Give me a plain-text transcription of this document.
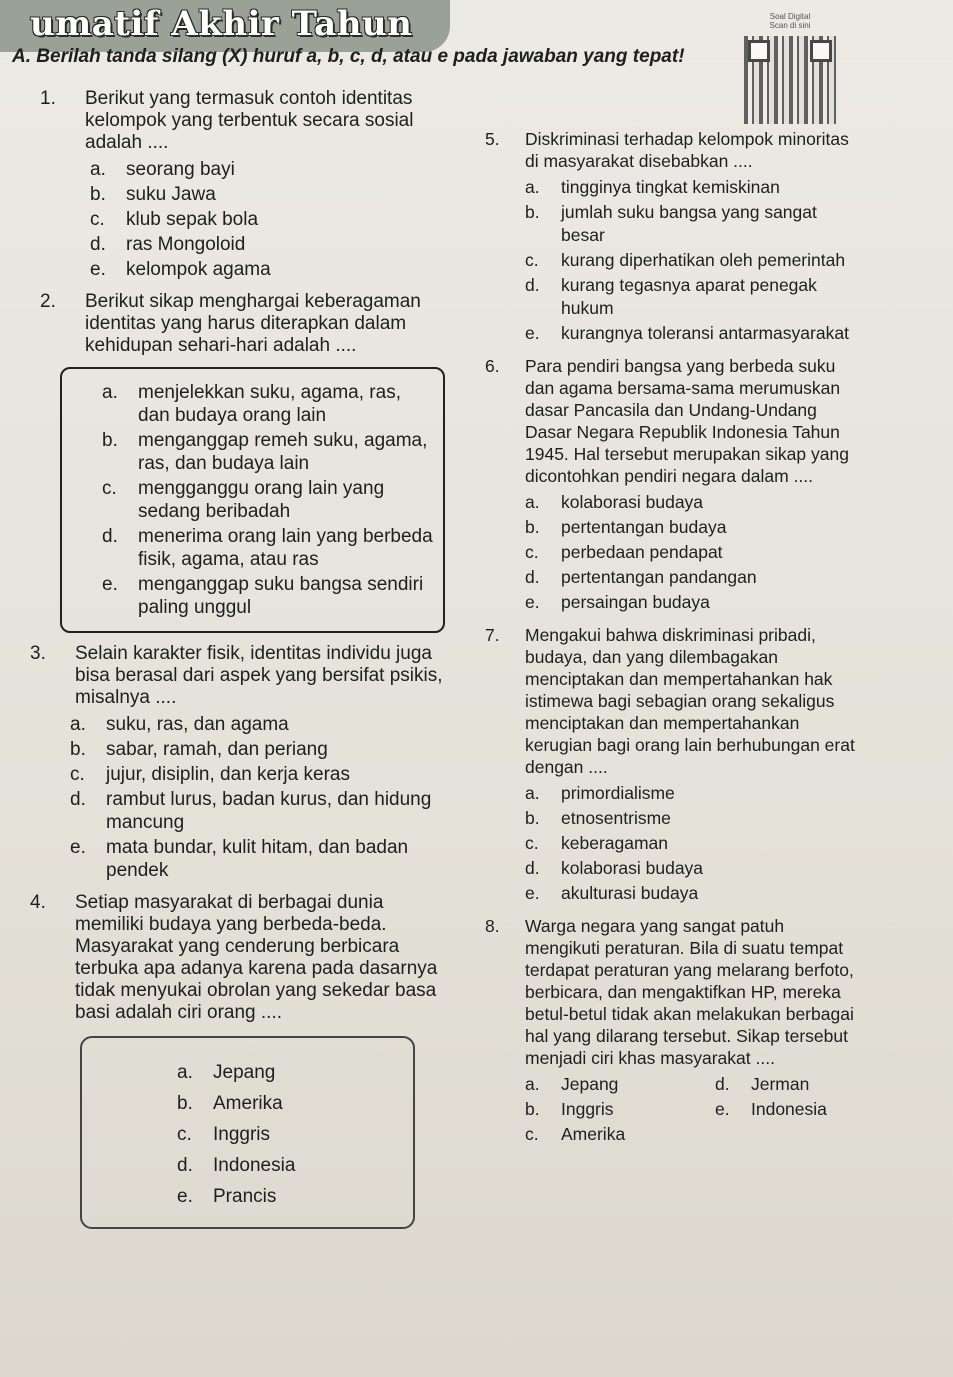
umatif Akhir Tahun	Soal Digital
Scan di sini
A. Berilah tanda silang (X) huruf a, b, c, d, atau e pada jawaban yang tepat!
1.	Berikut yang termasuk contoh identitas kelompok yang terbentuk secara sosial adalah ....
a. seorang bayi
b. suku Jawa
c. klub sepak bola
d. ras Mongoloid
e. kelompok agama
2.	Berikut sikap menghargai keberagaman identitas yang harus diterapkan dalam kehidupan sehari-hari adalah ....
a. menjelekkan suku, agama, ras, dan budaya orang lain
b. menganggap remeh suku, agama, ras, dan budaya lain
c. mengganggu orang lain yang sedang beribadah
d. menerima orang lain yang berbeda fisik, agama, atau ras
e. menganggap suku bangsa sendiri paling unggul
3.	Selain karakter fisik, identitas individu juga bisa berasal dari aspek yang bersifat psikis, misalnya ....
a. suku, ras, dan agama
b. sabar, ramah, dan periang
c. jujur, disiplin, dan kerja keras
d. rambut lurus, badan kurus, dan hidung mancung
e. mata bundar, kulit hitam, dan badan pendek
4.	Setiap masyarakat di berbagai dunia memiliki budaya yang berbeda-beda. Masyarakat yang cenderung berbicara terbuka apa adanya karena pada dasarnya tidak menyukai obrolan yang sekedar basa basi adalah ciri orang ....
a. Jepang
b. Amerika
c. Inggris
d. Indonesia
e. Prancis
5.	Diskriminasi terhadap kelompok minoritas di masyarakat disebabkan ....
a. tingginya tingkat kemiskinan
b. jumlah suku bangsa yang sangat besar
c. kurang diperhatikan oleh pemerintah
d. kurang tegasnya aparat penegak hukum
e. kurangnya toleransi antarmasyarakat
6.	Para pendiri bangsa yang berbeda suku dan agama bersama-sama merumuskan dasar Pancasila dan Undang-Undang Dasar Negara Republik Indonesia Tahun 1945. Hal tersebut merupakan sikap yang dicontohkan pendiri negara dalam ....
a. kolaborasi budaya
b. pertentangan budaya
c. perbedaan pendapat
d. pertentangan pandangan
e. persaingan budaya
7.	Mengakui bahwa diskriminasi pribadi, budaya, dan yang dilembagakan menciptakan dan mempertahankan hak istimewa bagi sebagian orang sekaligus menciptakan dan mempertahankan kerugian bagi orang lain berhubungan erat dengan ....
a. primordialisme
b. etnosentrisme
c. keberagaman
d. kolaborasi budaya
e. akulturasi budaya
8.	Warga negara yang sangat patuh mengikuti peraturan. Bila di suatu tempat terdapat peraturan yang melarang berfoto, berbicara, dan mengaktifkan HP, mereka betul-betul tidak akan melakukan berbagai hal yang dilarang tersebut. Sikap tersebut menjadi ciri khas masyarakat ....
a. Jepang	d. Jerman
b. Inggris	e. Indonesia
c. Amerika
